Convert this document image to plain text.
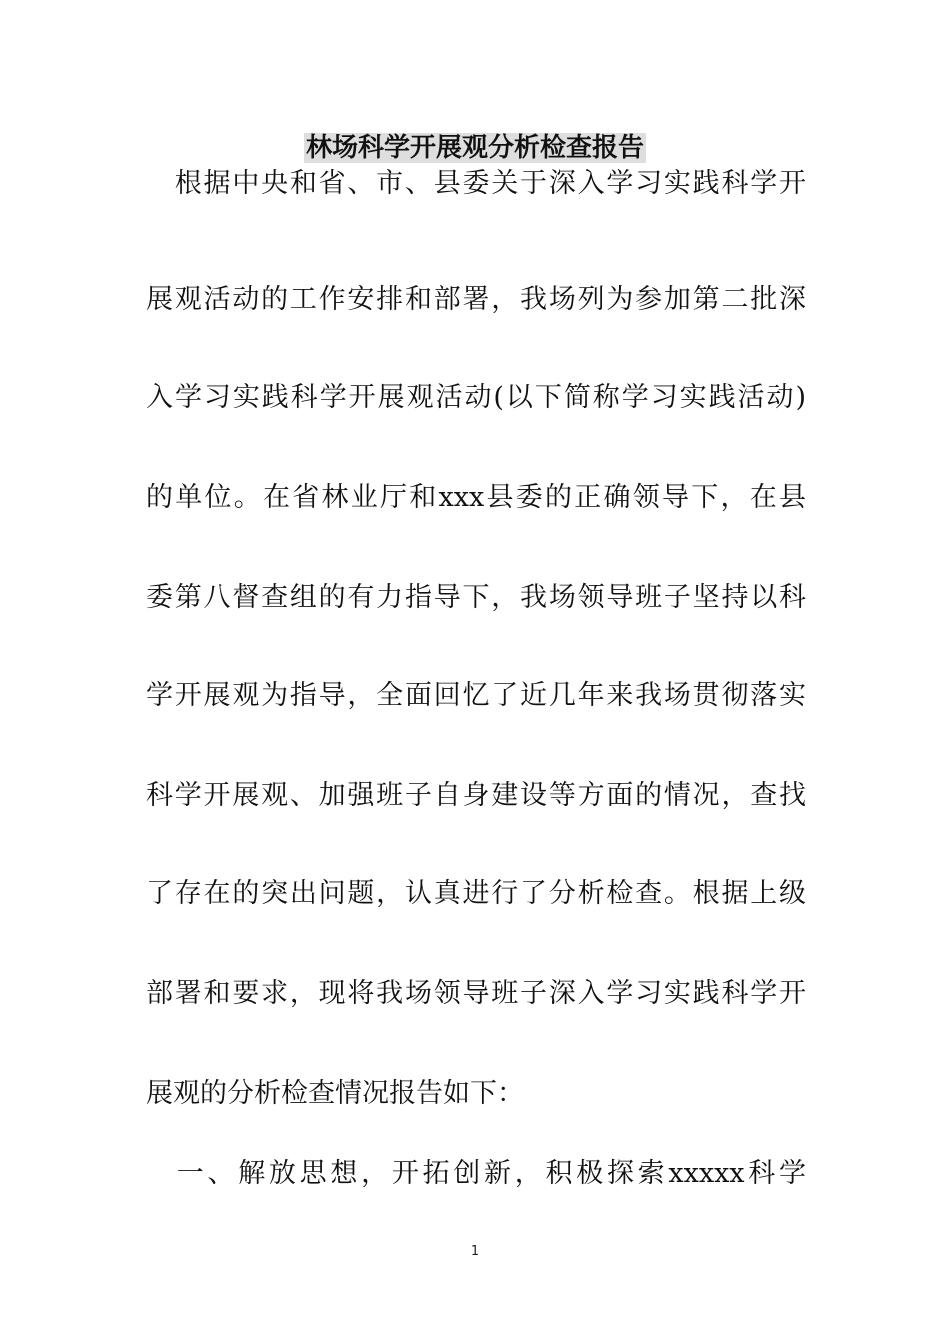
林场科学开展观分析检查报告
　根据中央和省、市、县委关于深入学习实践科学开
展观活动的工作安排和部署，我场列为参加第二批深
入学习实践科学开展观活动(以下简称学习实践活动)
的单位。在省林业厅和xxx县委的正确领导下，在县
委第八督查组的有力指导下，我场领导班子坚持以科
学开展观为指导，全面回忆了近几年来我场贯彻落实
科学开展观、加强班子自身建设等方面的情况，查找
了存在的突出问题，认真进行了分析检查。根据上级
部署和要求，现将我场领导班子深入学习实践科学开
展观的分析检查情况报告如下：
　一、解放思想，开拓创新，积极探索xxxxx科学
1
